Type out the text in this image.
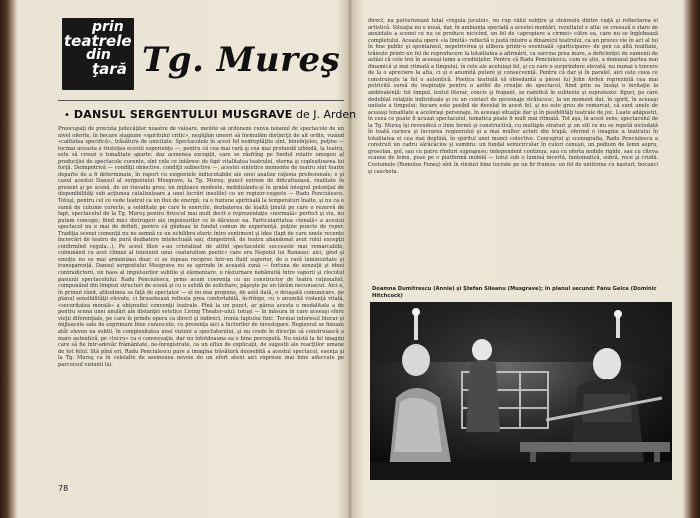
prin
teatrele
din
ţară Tg. Mureş
• DANSUL SERGENTULUI MUSGRAVE de J. Arden
Preocupaţi de precizia judecăţilor noastre de valoare, menite să ordoneze cunva noianul de spectacole de un nivel oferite, în fiecare stagiune «spiritului critic», neglijăm uneori să formulăm distincţii de alt ordin, vizând «calitatea specifică», trăsătura de unicitate. Spectacolele în acest fel nedreptăţite sînt, bineînţeles, puţine — tocmai aceasta e tristeţea ecestii esperienţe —, pentru că cea mai rară şi cea mai profundă izbîndă, la teatru, este să creezi o tonalitate aparte: daz acmenea excepţii, care se răsfrîng pe fondul relativ omogen al producţiei de spectacole curente, sînt cele ce întăresc de fapt vitalitatea teatrului, eterna şi copleşitoarea lui forţă. Deimpotrivă — condiţii obiective, condiţii subiective —, acestei sintetice momente de teatru sînt foarte departe de a fi determinate, în raport cu exigentele indiscutabile ale unei analize raţiona profesionale; e şi cazul acestui Dansul al sergentului Musgrave, la Tg. Mureş: punct extrem de dificultuoasă, realitate în prezent şi pe scenă, de un travaliu greu, un mijloace modeste, mobilizându-şi în grabă integral potenţial de disponibilităţi sub acţiunea catalizatoare a unei lucrări insolite) cu un regizor-coşpete — Radu Penciulescu. Totuşi, pentru cel ce vede teatrul ca un flux de energii, ca o fuziune spirituală la temperaturi înalte, şi nu ca o sumă de cutume corecte, a soliditate pe care le exercite, dezbaterea de înaltă ţinută pe care o rezervă de fapt, spectacolul de la Tg. Mureş pentru firescul mai mult decît o reprezentaţie «normală» perfect şi viu, nu putem concepe; fiind mici distrugeri ale impulsurilor ce le dăruiesc ea. Particularitatea «tonală» a acestui spectacol nu e mai de definit, pentru că gîndeau în fondul comun de experienţă, puţine puncte de reper. Tradiţia scenei comenţii nu ne semnă ce un echilibru eteric între sentiment şi idee (fapt de care unele recente încercări de teatru de pură dezbatere intelectuală sau, dimpotrivă, de teatru abandonat avut rolul excepţii confirmînd regula...). Pe acest filon s-au cristalizat de altfel spectacolele succesele mai remarcabile, culminând cu acel climax al tensiunii unui «naturalism poetic» care era Nepotul lui Rameau: aici, gînd şi emoţie nu se mai armonizau doar, ci se topeau reciproc într-un fluid superior, de o rară luminozitate şi transparenţă. Dansul sergentului Musgrave nu se aprinde în această zonă — fortuna de senzaţii şi ideei contradictorii, un haos al impulsurilor subtile şi elementare, o răsturnare nebănuită între vaporii şi clocotul pasiunii spectacolului. Radu Penciulescu, prins acum coerenţa cu un constructor de teatru raţionalist, compunând din limpezi structuri de scenă şi cu o solidă de solicitare, păşeşte pe un tărâm necunoscut. Aici e, în primul rând, atitudinea sa faţă de spectator — el nu mai propune, de astă dată, o detaşată comunicare, pe planul sensibilităţii elevate, ci brusehează reflexia prea confortabilă, în-frînge, cu o anumită violenţă vitală, «securitatea morală» a obişnuitei convenţii teatrale. Pînă la un punct, ar părea acesta o modalitate a de pentru scena unei anulări ale distanţei estetice Living Theater-ului; totuşi — în măsura în care aceeaşi sfere vieţii diferenţiale, pe care le prinde opera ca direct şi indirect, ironia faptului fizic. Tocmai interesul literar şi mijloacele sale de exprimare bine cunoscute, cu prezenţa aici a factorilor de investigare. Regizorul se fixeaze atât eleven ea subtil, în complexitatea unei viziuni a spectatorului, şi nu crede în direcţie să construiască o mare autentică, pe «lucru» ca o conversaţie, dar nu întotdeauna ea e bine percepută. Nu există la fel imagini care să fie într-adevăr frământate, ne-înregistrate, ca un eflux de explicaţii, de sugestii ale reacţiilor umane de tot felul. Stă pînă ori, Radu Penciulescu pare a imagina trăsătură deosebită a acestui spectacol, esenţa şi la Tg. Mureş ca în celelalte de asemenea nevoie de un efort atent aici expresie mai bine adecvate pe parcursul viziunii lui.
78
direct, na pulverizează total «regula jocului», nu rup vălul subţire şi străveziu dintre viaţă şi reflectarea ei artistică. Situaţia nu e nouă, dar, în ambianţa specială a acestei montări, rezultatul e alta: se creează o stare de anxietate a scenei ce nu se produce nicicînd, un fel de «apropiere a cirmei» către ea, care nu se înglobează completului. Aceasta opere «la limită» reflectă o justă intuire a dinamicii teatrului, ca un proces vie în act al lui în fine public şi spontaneul, nepotrivirea şi elibera printr-o eventuală «participare» de gen ca altă realitate, trăiește printr-un fel de reproducere la totalitatea a afirmării, ca sarcina prea mare, a deficienţei de oamenii de astăzi că cele trei în aceeaşi lume a credinţelor. Pentru că Radu Penciulescu, cum se ştie, a demarat partea mai dinamică şi mai ritmată a timpului, în cele ale aceluiaşi fel, şi cu care o surprindere elevată, nu numai o trecere de la o apreciere la alta, ci şi o anumită putere şi consecvenţă. Pentru că dar şi în paralel, aici este ceea ce construieşte la fel o autentică. Poetica teatrală să obsedantă a piesei lui John Arden reprezintă cea mai potrivită sursă de inspiraţie pentru o astfel de creaţie de spectacol, fiind prin sa însăşi o invitaţie la ambivalenţă: tot timpul, textul literar, concis şi frapant, se ramifică în subtexte şi supratexte: figuri, pe care dedublat relaţiile individuale şi cu un contact de personaje strălucesc, la un moment dat, în spirit, în aceeaşi unitate a timpului; fiecare este posibil de decelat în acest fel, şi nu este greu de remarcat, că sunt unele de aceeaşi tonalitate a aceloraşi personaje, în aceeaşi situaţie dar şi în posibilităţi teatrale de joc. Luate adăpostit, în ceea ce poate fi acuzat spectacolul, tematica poate fi mult mai ritmată. Tot aşa, în acest sens, spectacolul de la Tg. Mureş îşi revendică o linie fermă şi constructivă, cu multiple straturi şi un stil ce nu se repetă niciodată în toată cariera şi lucrarea regizorului şi a mai multor actori din trupă, oferind o imagine a teatrului în totalitatea ei cea mai deplină, în spiritul unei munci colective. Conceptul şi scenografia, Radu Penciulescu a construit un cadru sărăcăcios şi sumbru: un fundal semicircular în culori cenuşii, un podium de lemn aspru, grosolan, gol, sau cu patru rînduri suprapuse; independent continuu, sau cu oferta mobile rigide, sau cu cîteva scaune de lemn, puse pe o platformă mobilă — totul sub o lumină incertă, fantomatică, sobră, rece şi crudă. Costumele (Romulus Feneş) sînt în rînduri bine lucrate pe un fir frumos: un fel de uniforme cu nasturi, bocanci şi cascheta.
Doamna Dumitrescu (Annie) şi Ştefan Sileanu (Musgrave); în planul secund: Fănu Geica (Dominic Hitchcock)
